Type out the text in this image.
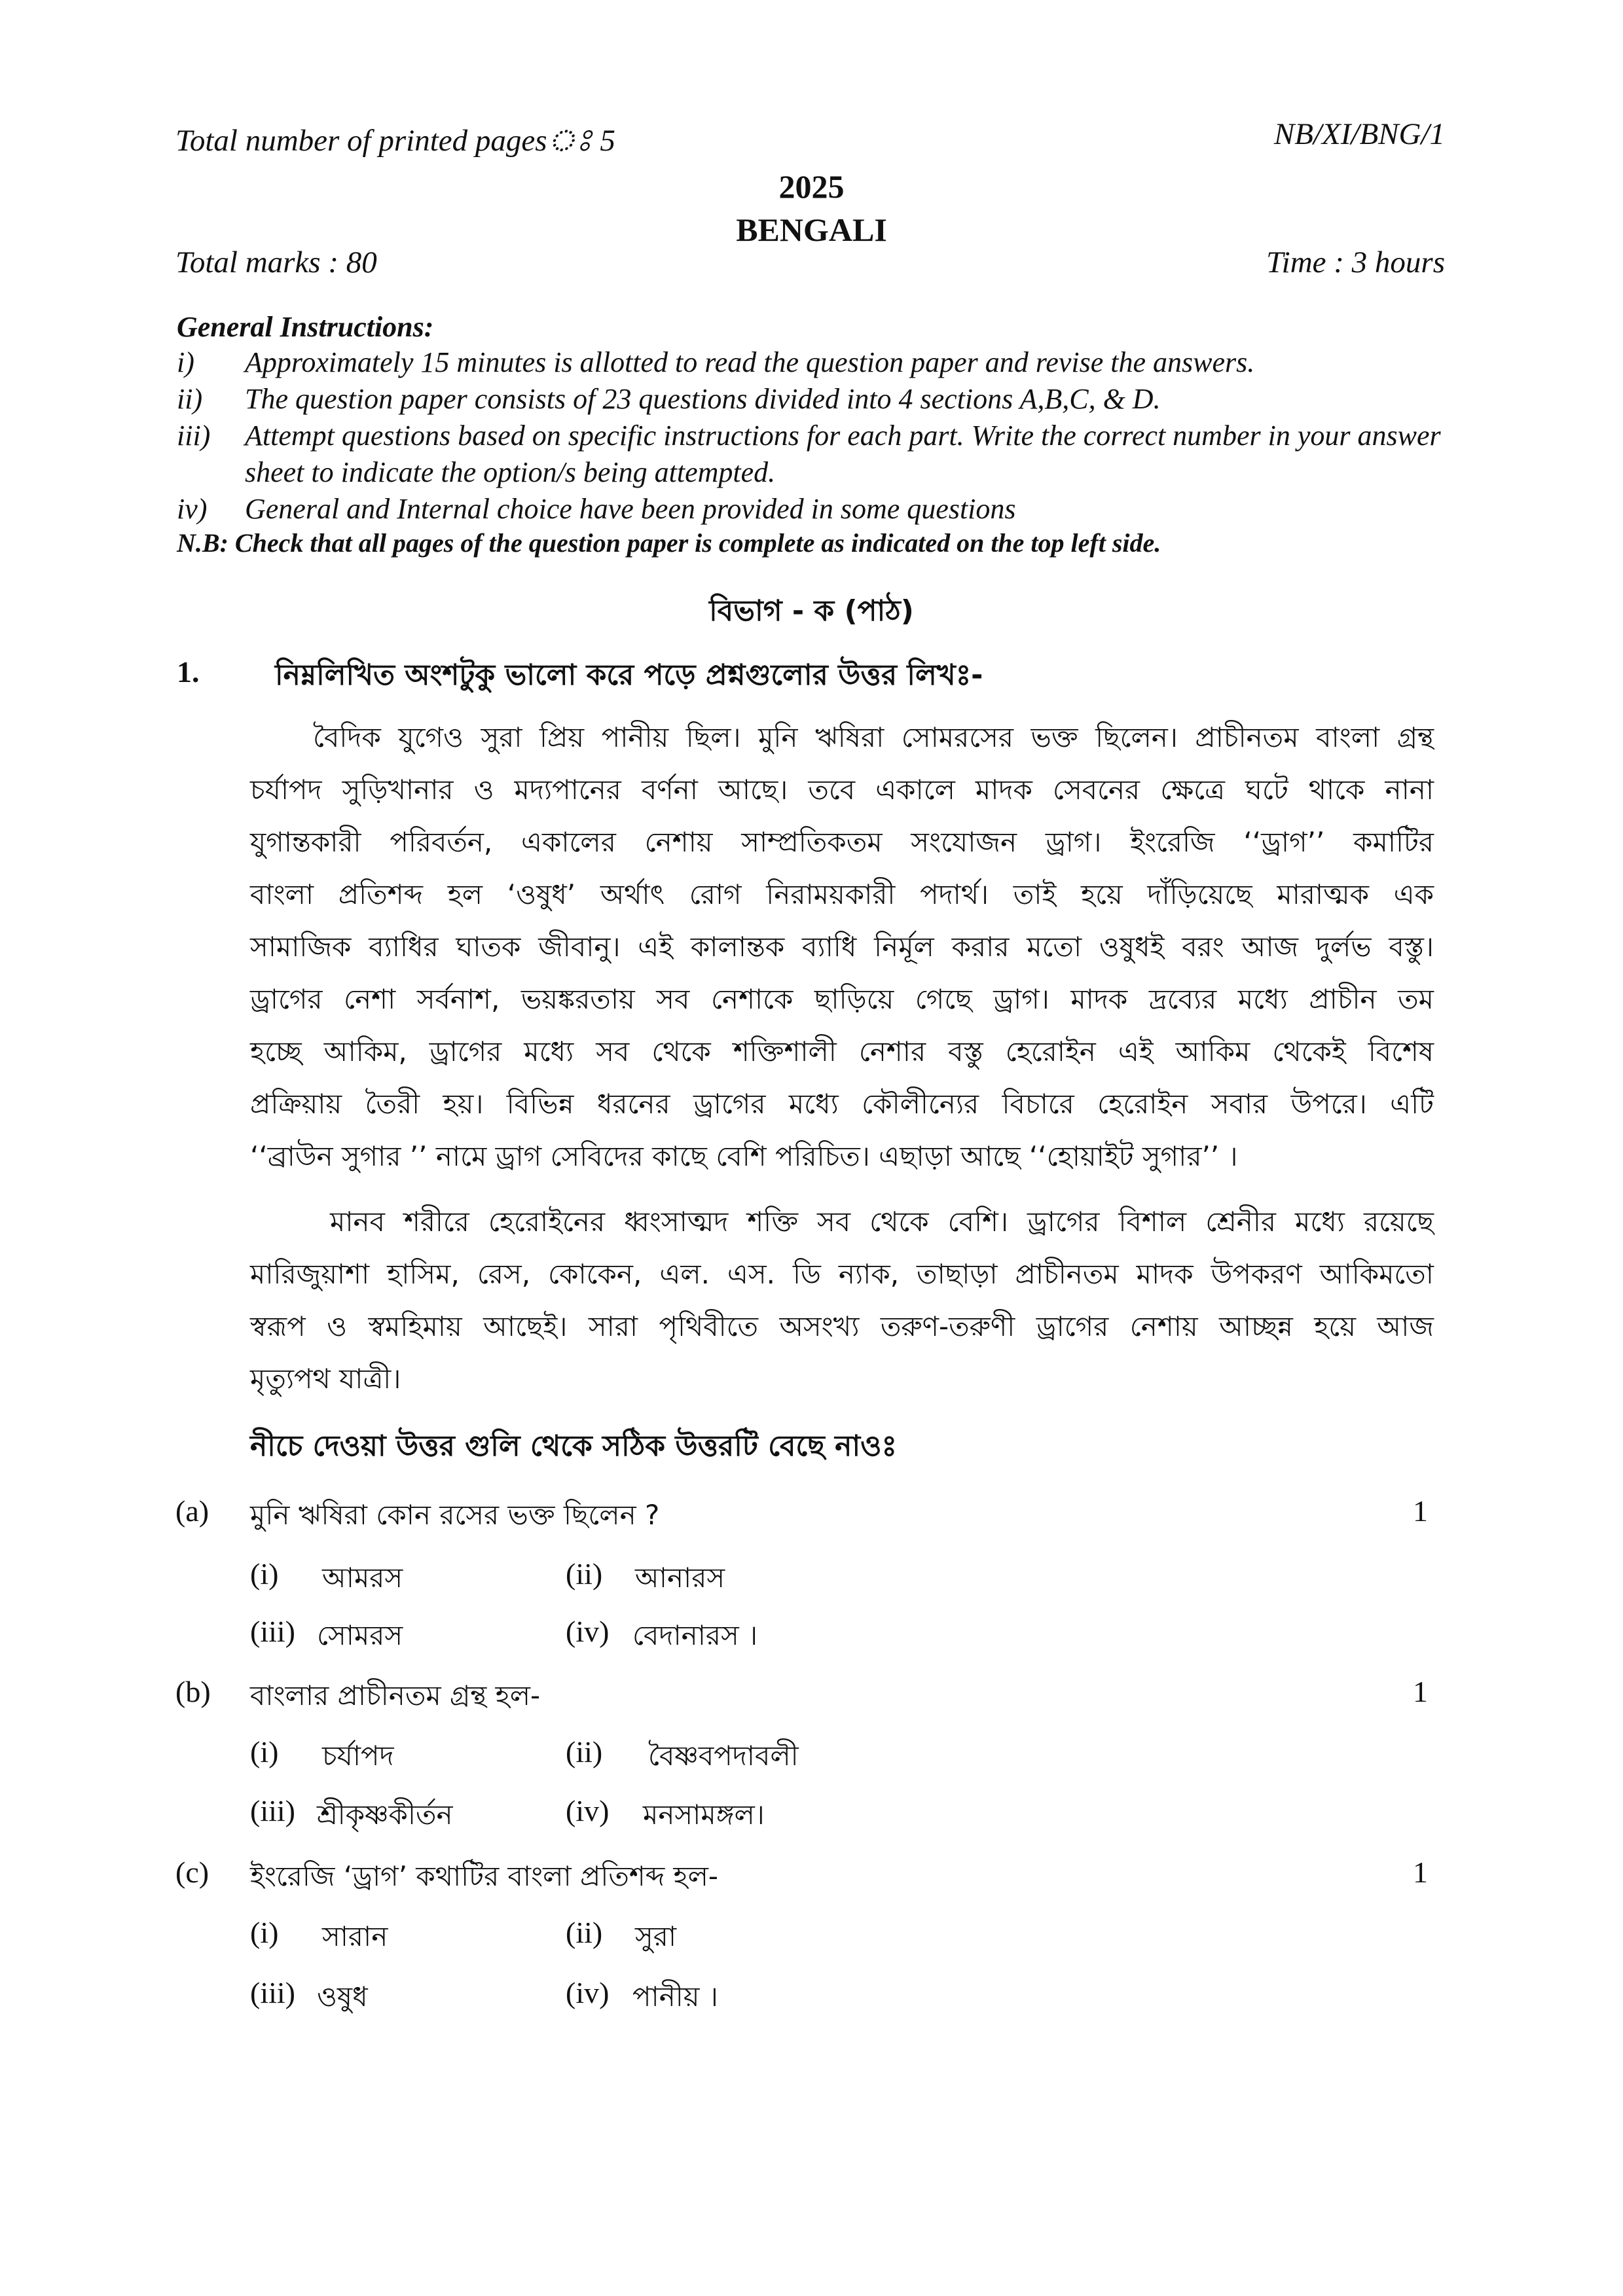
Total number of printed pagesঃ 5	NB/XI/BNG/1
2025
BENGALI
Total marks : 80	Time : 3 hours
General Instructions:
i) Approximately 15 minutes is allotted to read the question paper and revise the answers.
ii) The question paper consists of 23 questions divided into 4 sections A,B,C, & D.
iii) Attempt questions based on specific instructions for each part. Write the correct number in your answer sheet to indicate the option/s being attempted.
iv) General and Internal choice have been provided in some questions
N.B: Check that all pages of the question paper is complete as indicated on the top left side.
বিভাগ - ক (পাঠ)
1.	নিম্নলিখিত অংশটুকু ভালো করে পড়ে প্রশ্নগুলোর উত্তর লিখঃ-
বৈদিক যুগেও সুরা প্রিয় পানীয় ছিল। মুনি ঋষিরা সোমরসের ভক্ত ছিলেন। প্রাচীনতম বাংলা গ্রন্থ
চর্যাপদ সুড়িখানার ও মদ্যপানের বর্ণনা আছে। তবে একালে মাদক সেবনের ক্ষেত্রে ঘটে থাকে নানা
যুগান্তকারী পরিবর্তন, একালের নেশায় সাম্প্রতিকতম সংযোজন ড্রাগ। ইংরেজি ‘‘ড্রাগ’’ কমাটির
বাংলা প্রতিশব্দ হল ‘ওষুধ’ অর্থাৎ রোগ নিরাময়কারী পদার্থ। তাই হয়ে দাঁড়িয়েছে মারাত্মক এক
সামাজিক ব্যাধির ঘাতক জীবানু। এই কালান্তক ব্যাধি নির্মূল করার মতো ওষুধই বরং আজ দুর্লভ বস্তু।
ড্রাগের নেশা সর্বনাশ, ভয়ঙ্করতায় সব নেশাকে ছাড়িয়ে গেছে ড্রাগ। মাদক দ্রব্যের মধ্যে প্রাচীন তম
হচ্ছে আকিম, ড্রাগের মধ্যে সব থেকে শক্তিশালী নেশার বস্তু হেরোইন এই আকিম থেকেই বিশেষ
প্রক্রিয়ায় তৈরী হয়। বিভিন্ন ধরনের ড্রাগের মধ্যে কৌলীন্যের বিচারে হেরোইন সবার উপরে। এটি
‘‘ব্রাউন সুগার ’’ নামে ড্রাগ সেবিদের কাছে বেশি পরিচিত। এছাড়া আছে ‘‘হোয়াইট সুগার’’ ।
মানব শরীরে হেরোইনের ধ্বংসাত্মদ শক্তি সব থেকে বেশি। ড্রাগের বিশাল শ্রেনীর মধ্যে রয়েছে
মারিজুয়াশা হাসিম, রেস, কোকেন, এল. এস. ডি ন্যাক, তাছাড়া প্রাচীনতম মাদক উপকরণ আকিমতো
স্বরূপ ও স্বমহিমায় আছেই। সারা পৃথিবীতে অসংখ্য তরুণ-তরুণী ড্রাগের নেশায় আচ্ছন্ন হয়ে আজ
মৃত্যুপথ যাত্রী।
নীচে দেওয়া উত্তর গুলি থেকে সঠিক উত্তরটি বেছে নাওঃ
(a) মুনি ঋষিরা কোন রসের ভক্ত ছিলেন ?	1
(i) আমরস	(ii) আনারস
(iii) সোমরস	(iv) বেদানারস ।
(b) বাংলার প্রাচীনতম গ্রন্থ হল-	1
(i) চর্যাপদ	(ii) বৈষ্ণবপদাবলী
(iii) শ্রীকৃষ্ণকীর্তন	(iv) মনসামঙ্গল।
(c) ইংরেজি ‘ড্রাগ’ কথাটির বাংলা প্রতিশব্দ হল-	1
(i) সারান	(ii) সুরা
(iii) ওষুধ	(iv) পানীয় ।
